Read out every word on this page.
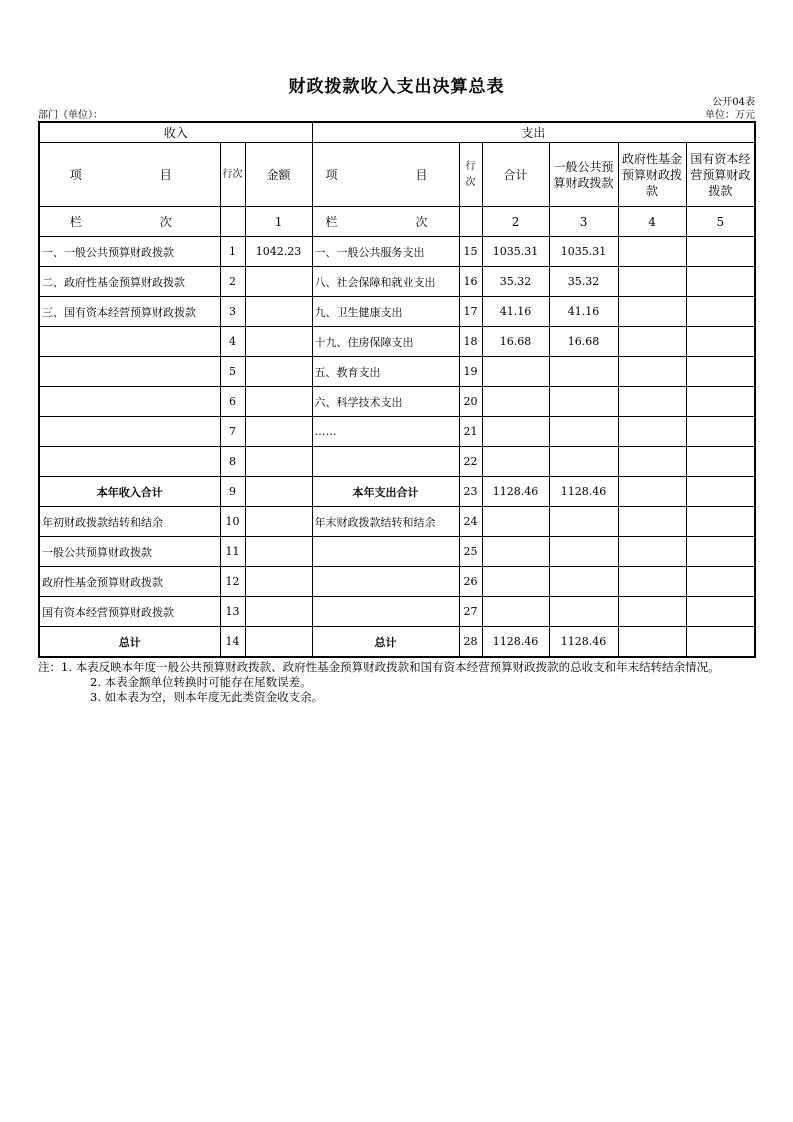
财政拨款收入支出决算总表
公开04表
部门（单位）：	单位：万元
收入			支出					
项　　目	行次	金额	项　　目	行次	合计	一般公共预算财政拨款	政府性基金预算财政拨款	国有资本经营预算财政拨款
栏　　次		1	栏　　次		2	3	4	5
一、一般公共预算财政拨款	1	1042.23	一、一般公共服务支出	15	1035.31	1035.31		
二、政府性基金预算财政拨款	2		八、社会保障和就业支出	16	35.32	35.32		
三、国有资本经营预算财政拨款	3		九、卫生健康支出	17	41.16	41.16		
	4		十九、住房保障支出	18	16.68	16.68		
	5		五、教育支出	19				
	6		六、科学技术支出	20				
	7		……	21				
	8			22				
本年收入合计	9		本年支出合计	23	1128.46	1128.46		
年初财政拨款结转和结余	10		年末财政拨款结转和结余	24				
一般公共预算财政拨款	11			25				
政府性基金预算财政拨款	12			26				
国有资本经营预算财政拨款	13			27				
总计	14		总计	28	1128.46	1128.46		
注：1. 本表反映本年度一般公共预算财政拨款、政府性基金预算财政拨款和国有资本经营预算财政拨款的总收支和年末结转结余情况。
2. 本表金额单位转换时可能存在尾数误差。
3. 如本表为空，则本年度无此类资金收支余。
